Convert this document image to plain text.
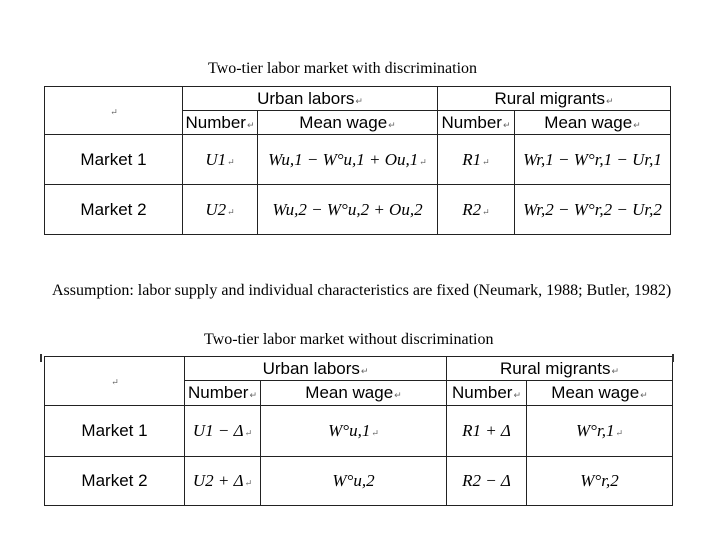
Two-tier labor market with discrimination
↵	Urban labors ↵		Rural migrants ↵
	Number ↵	Mean wage ↵	Number ↵	Mean wage ↵
Market 1	U1 ↵	Wu,1 − W°u,1 + Ou,1 ↵	R1 ↵	Wr,1 − W°r,1 − Ur,1
Market 2	U2 ↵	Wu,2 − W°u,2 + Ou,2	R2 ↵	Wr,2 − W°r,2 − Ur,2
Assumption: labor supply and individual characteristics are fixed (Neumark, 1988; Butler, 1982)
Two-tier labor market without discrimination
↵	Urban labors ↵		Rural migrants ↵
	Number ↵	Mean wage ↵	Number ↵	Mean wage ↵
Market 1	U1 − Δ ↵	W°u,1 ↵	R1 + Δ	W°r,1 ↵
Market 2	U2 + Δ ↵	W°u,2	R2 − Δ	W°r,2
